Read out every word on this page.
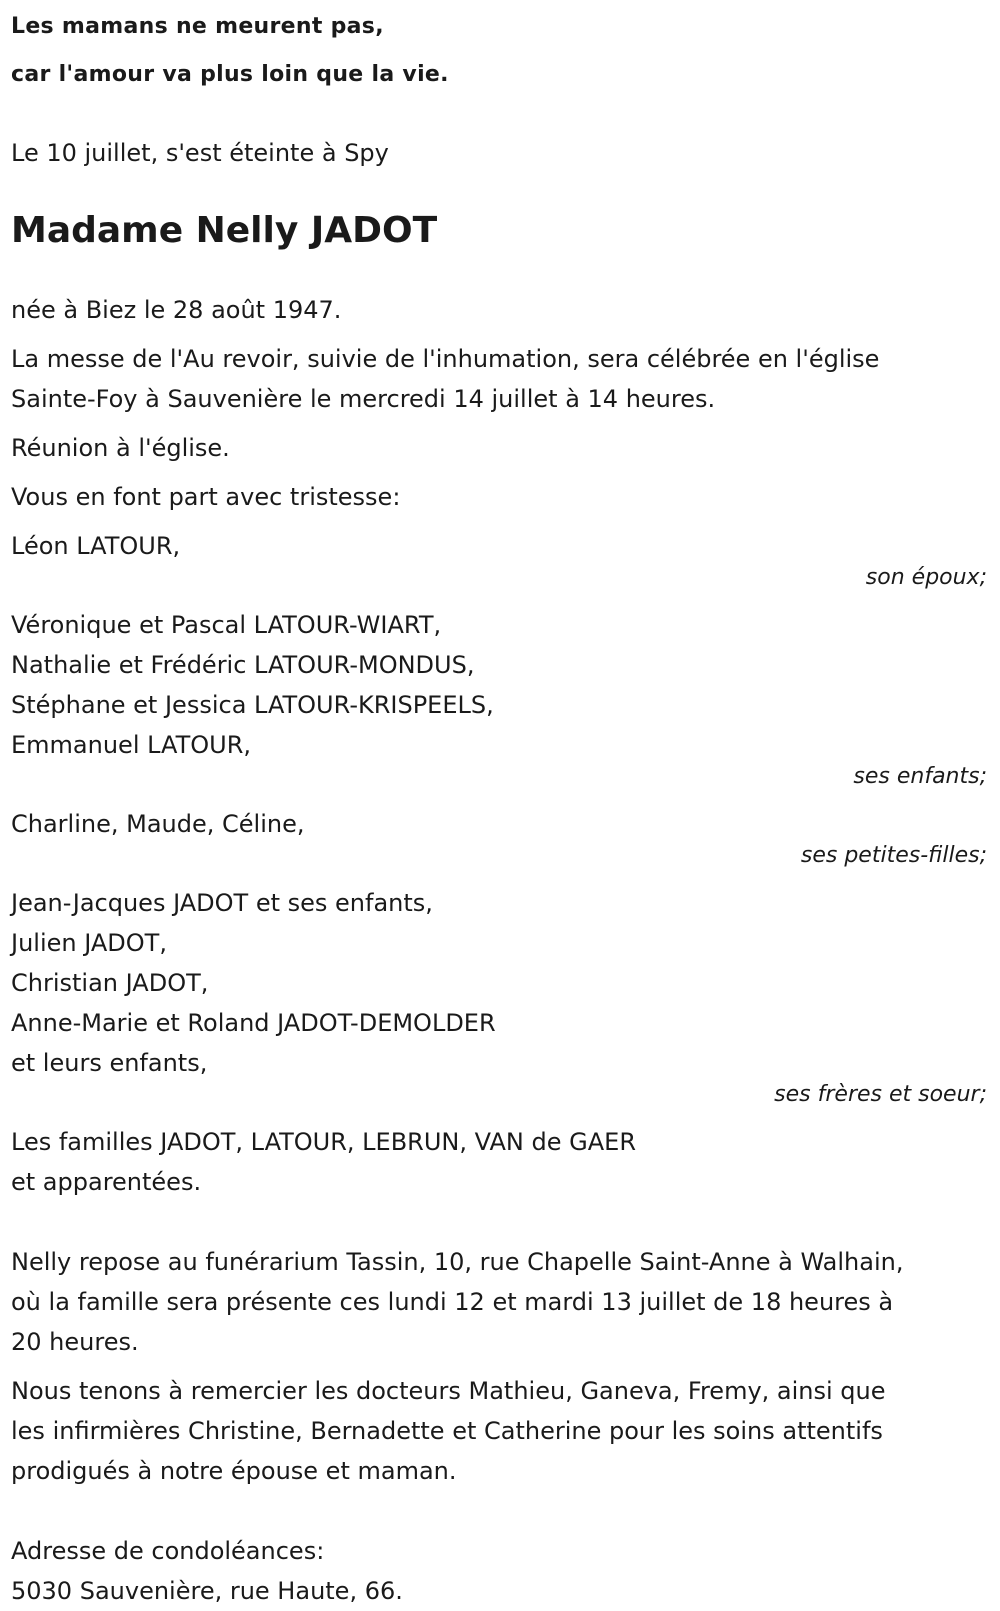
Les mamans ne meurent pas,

car l'amour va plus loin que la vie.

Le 10 juillet, s'est éteinte à Spy

Madame Nelly JADOT

née à Biez le 28 août 1947.

La messe de l'Au revoir, suivie de l'inhumation, sera célébrée en l'église

Sainte-Foy à Sauvenière le mercredi 14 juillet à 14 heures.

Réunion à l'église.

Vous en font part avec tristesse:

Léon LATOUR,

son époux;

Véronique et Pascal LATOUR-WIART,

Nathalie et Frédéric LATOUR-MONDUS,

Stéphane et Jessica LATOUR-KRISPEELS,

Emmanuel LATOUR,

ses enfants;

Charline, Maude, Céline,

ses petites-filles;

Jean-Jacques JADOT et ses enfants,

Julien JADOT,

Christian JADOT,

Anne-Marie et Roland JADOT-DEMOLDER

et leurs enfants,

ses frères et soeur;

Les familles JADOT, LATOUR, LEBRUN, VAN de GAER

et apparentées.

Nelly repose au funérarium Tassin, 10, rue Chapelle Saint-Anne à Walhain,

où la famille sera présente ces lundi 12 et mardi 13 juillet de 18 heures à

20 heures.

Nous tenons à remercier les docteurs Mathieu, Ganeva, Fremy, ainsi que

les infirmières Christine, Bernadette et Catherine pour les soins attentifs

prodigués à notre épouse et maman.

Adresse de condoléances:

5030 Sauvenière, rue Haute, 66.
